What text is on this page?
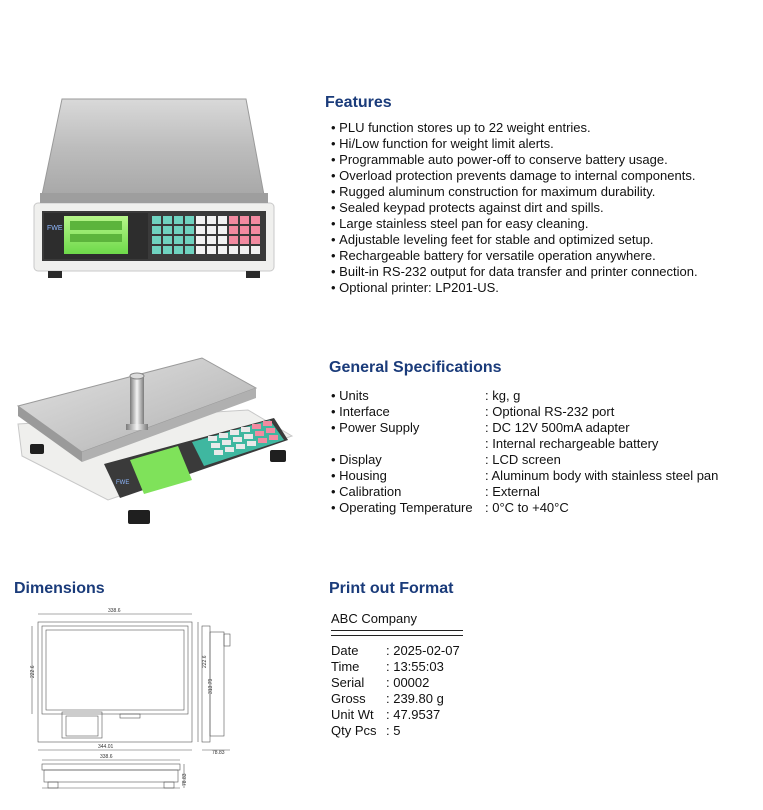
FWE
Features
• PLU function stores up to 22 weight entries.
• Hi/Low function for weight limit alerts.
• Programmable auto power-off to conserve battery usage.
• Overload protection prevents damage to internal components.
• Rugged aluminum construction for maximum durability.
• Sealed keypad protects against dirt and spills.
• Large stainless steel pan for easy cleaning.
• Adjustable leveling feet for stable and optimized setup.
• Rechargeable battery for versatile operation anywhere.
• Built-in RS-232 output for data transfer and printer connection.
• Optional printer: LP201-US.
FWE
General Specifications
• Units	: kg, g
• Interface	: Optional RS-232 port
• Power Supply	: DC 12V 500mA adapter
	: Internal rechargeable battery
• Display	: LCD screen
• Housing	: Aluminum body with stainless steel pan
• Calibration	: External
• Operating Temperature	: 0°C to +40°C
Dimensions
338.6
222.6
313.79
344.01
222.6
78.83
338.6
78.83
Print out Format
ABC Company
Date	: 2025-02-07
Time	: 13:55:03
Serial	: 00002
Gross	: 239.80 g
Unit Wt	: 47.9537
Qty Pcs	: 5
